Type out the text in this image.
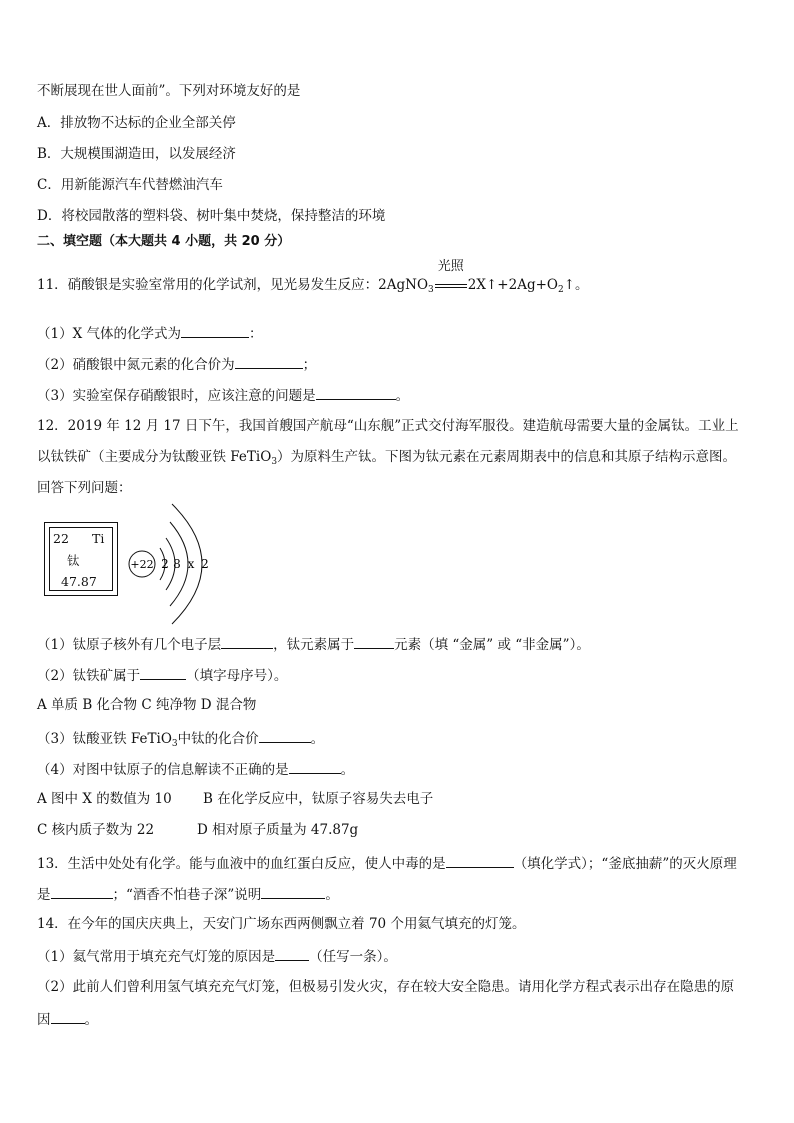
不断展现在世人面前”。下列对环境友好的是
A．排放物不达标的企业全部关停
B．大规模围湖造田，以发展经济
C．用新能源汽车代替燃油汽车
D．将校园散落的塑料袋、树叶集中焚烧，保持整洁的环境
二、填空题（本大题共 4 小题，共 20 分）
11．硝酸银是实验室常用的化学试剂，见光易发生反应：2AgNO$_3$
光照
$2X↑+2Ag+O_2↑$。
（1）X 气体的化学式为	：
（2）硝酸银中氮元素的化合价为	；
（3）实验室保存硝酸银时，应该注意的问题是	。
12．2019 年 12 月 17 日下午，我国首艘国产航母“山东舰”正式交付海军服役。建造航母需要大量的金属钛。工业上
以钛铁矿（主要成分为钛酸亚铁 FeTiO$_3$）为原料生产钛。下图为钛元素在元素周期表中的信息和其原子结构示意图。
回答下列问题：
22 Ti
钛
47.87
+22 2 8 x 2
（1）钛原子核外有几个电子层	，钛元素属于	元素（填 “金属” 或 “非金属”）。
（2）钛铁矿属于	（填字母序号）。
A 单质 B 化合物 C 纯净物 D 混合物
（3）钛酸亚铁 FeTiO$_3$中钛的化合价	。
（4）对图中钛原子的信息解读不正确的是	。
A 图中 X 的数值为 10 B 在化学反应中，钛原子容易失去电子
C 核内质子数为 22	D 相对原子质量为 47.87g
13．生活中处处有化学。能与血液中的血红蛋白反应，使人中毒的是	（填化学式）；“釜底抽薪”的灭火原理
是	；“酒香不怕巷子深”说明	。
14．在今年的国庆庆典上，天安门广场东西两侧飘立着 70 个用氦气填充的灯笼。
（1）氦气常用于填充充气灯笼的原因是	（任写一条）。
（2）此前人们曾利用氢气填充充气灯笼，但极易引发火灾，存在较大安全隐患。请用化学方程式表示出存在隐患的原
因	。
